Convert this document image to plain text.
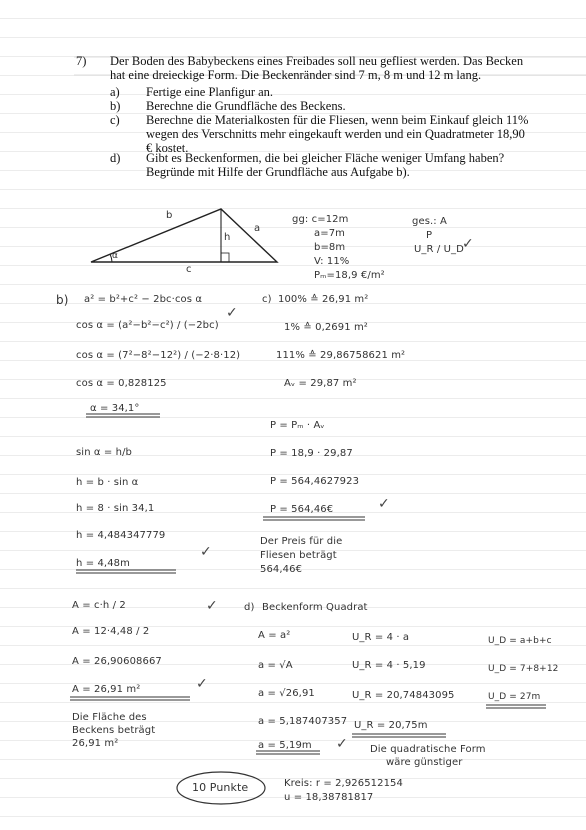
7) Der Boden des Babybeckens eines Freibades soll neu gefliest werden. Das Becken hat eine dreieckige Form. Die Beckenränder sind 7 m, 8 m und 12 m lang.
a) Fertige eine Planfigur an.
b) Berechne die Grundfläche des Beckens.
c) Berechne die Materialkosten für die Fliesen, wenn beim Einkauf gleich 11% wegen des Verschnitts mehr eingekauft werden und ein Quadratmeter 18,90 € kostet.
d) Gibt es Beckenformen, die bei gleicher Fläche weniger Umfang haben? Begründe mit Hilfe der Grundfläche aus Aufgabe b).
b
a
h
c
α
gg: c=12m
a=7m
b=8m
V: 11%
Pₘ=18,9 €/m²
ges.: A
P
U_R / U_D
✓
b) a² = b²+c² − 2bc·cos α
cos α = (a²−b²−c²) / (−2bc)
cos α = (7²−8²−12²) / (−2·8·12)
cos α = 0,828125
α = 34,1°
sin α = h/b
h = b · sin α
h = 8 · sin 34,1
h = 4,484347779
h = 4,48m
✓
✓
A = c·h / 2
A = 12·4,48 / 2
A = 26,90608667
A = 26,91 m²
✓
✓
Die Fläche des
Beckens beträgt
26,91 m²
c) 100% ≙ 26,91 m²
1% ≙ 0,2691 m²
111% ≙ 29,86758621 m²
Aᵥ = 29,87 m²
P = Pₘ · Aᵥ
P = 18,9 · 29,87
P = 564,4627923
P = 564,46€	✓
Der Preis für die
Fliesen beträgt
564,46€
d) Beckenform Quadrat
A = a²
a = √A
a = √26,91
a = 5,187407357
a = 5,19m ✓
U_R = 4 · a
U_R = 4 · 5,19
U_R = 20,74843095
U_R = 20,75m
U_D = a+b+c
U_D = 7+8+12
U_D = 27m
Die quadratische Form
wäre günstiger
10 Punkte	Kreis: r = 2,926512154
u = 18,38781817
